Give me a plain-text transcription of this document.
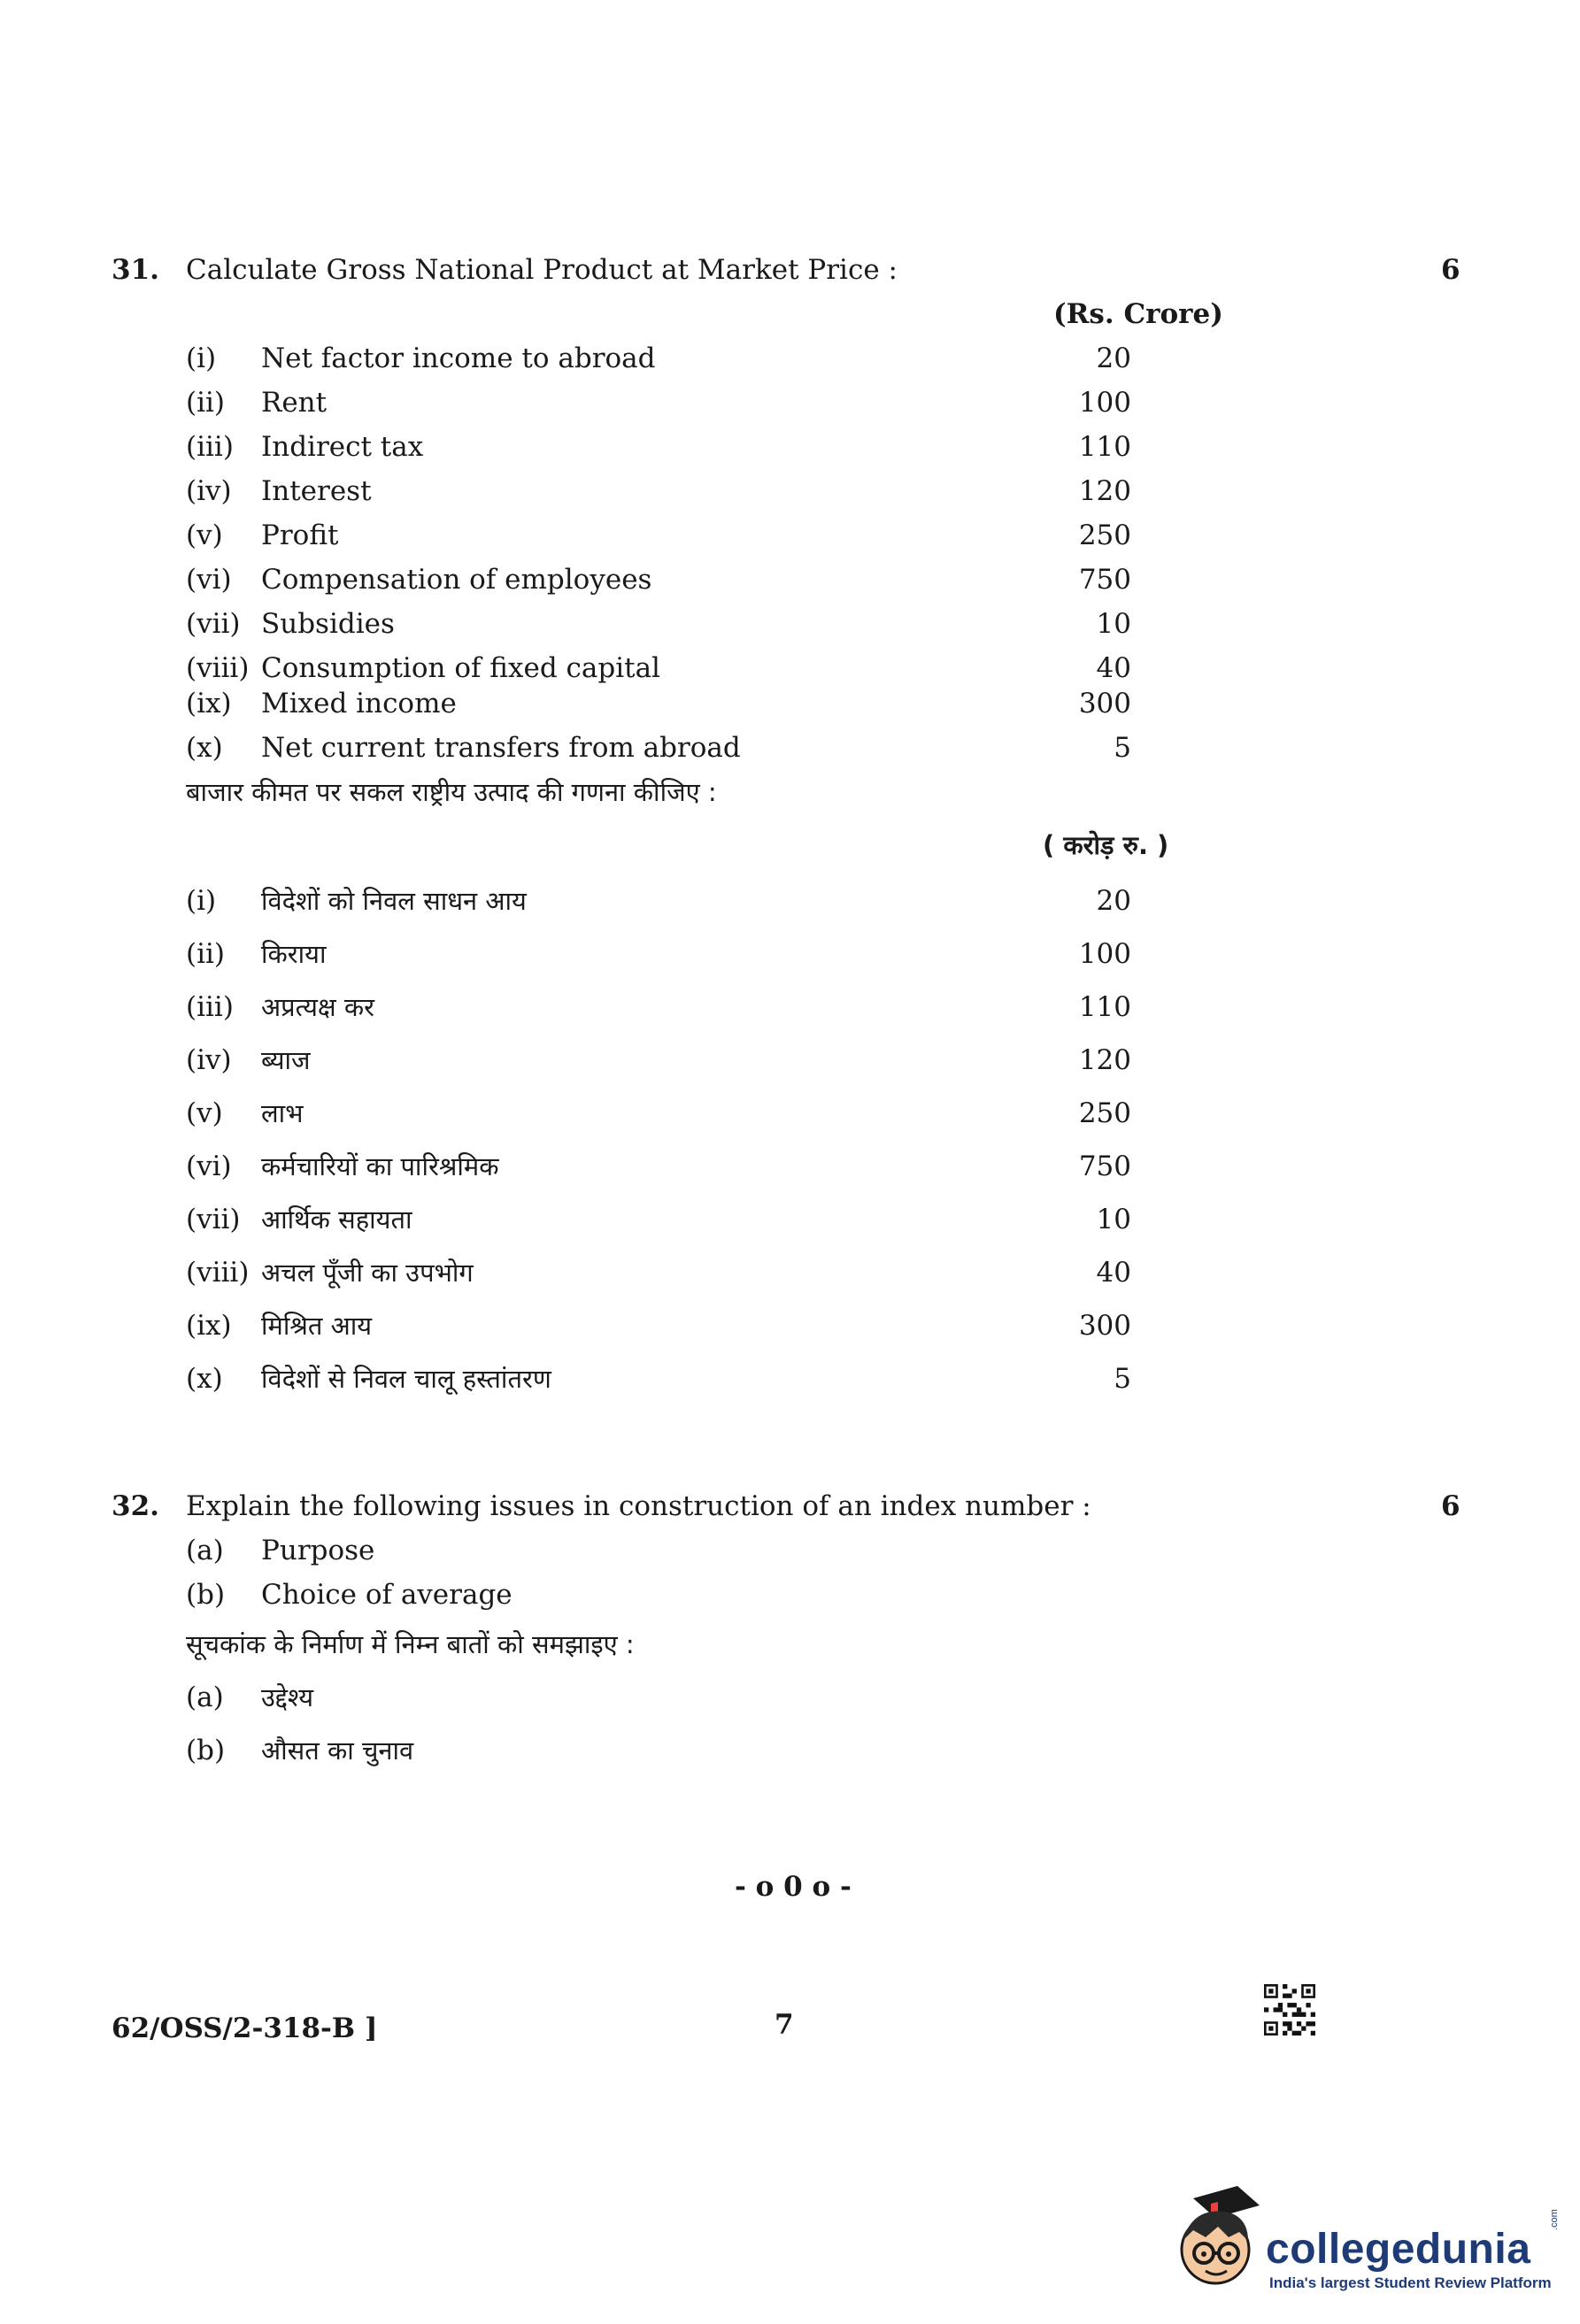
31. Calculate Gross National Product at Market Price :	6
(Rs. Crore)
(i) Net factor income to abroad	20
(ii) Rent	100
(iii) Indirect tax	110
(iv) Interest	120
(v) Profit	250
(vi) Compensation of employees	750
(vii) Subsidies	10
(viii) Consumption of fixed capital	40
(ix) Mixed income	300
(x) Net current transfers from abroad	5
बाजार कीमत पर सकल राष्ट्रीय उत्पाद की गणना कीजिए :
( करोड़ रु. )
(i) विदेशों को निवल साधन आय	20
(ii) किराया	100
(iii) अप्रत्यक्ष कर	110
(iv) ब्याज	120
(v) लाभ	250
(vi) कर्मचारियों का पारिश्रमिक	750
(vii) आर्थिक सहायता	10
(viii) अचल पूँजी का उपभोग	40
(ix) मिश्रित आय	300
(x) विदेशों से निवल चालू हस्तांतरण	5
32. Explain the following issues in construction of an index number :	6
(a) Purpose
(b) Choice of average
सूचकांक के निर्माण में निम्न बातों को समझाइए :
(a) उद्देश्य
(b) औसत का चुनाव
- o 0 o -
62/OSS/2-318-B ]	7
collegedunia
.com
India's largest Student Review Platform
